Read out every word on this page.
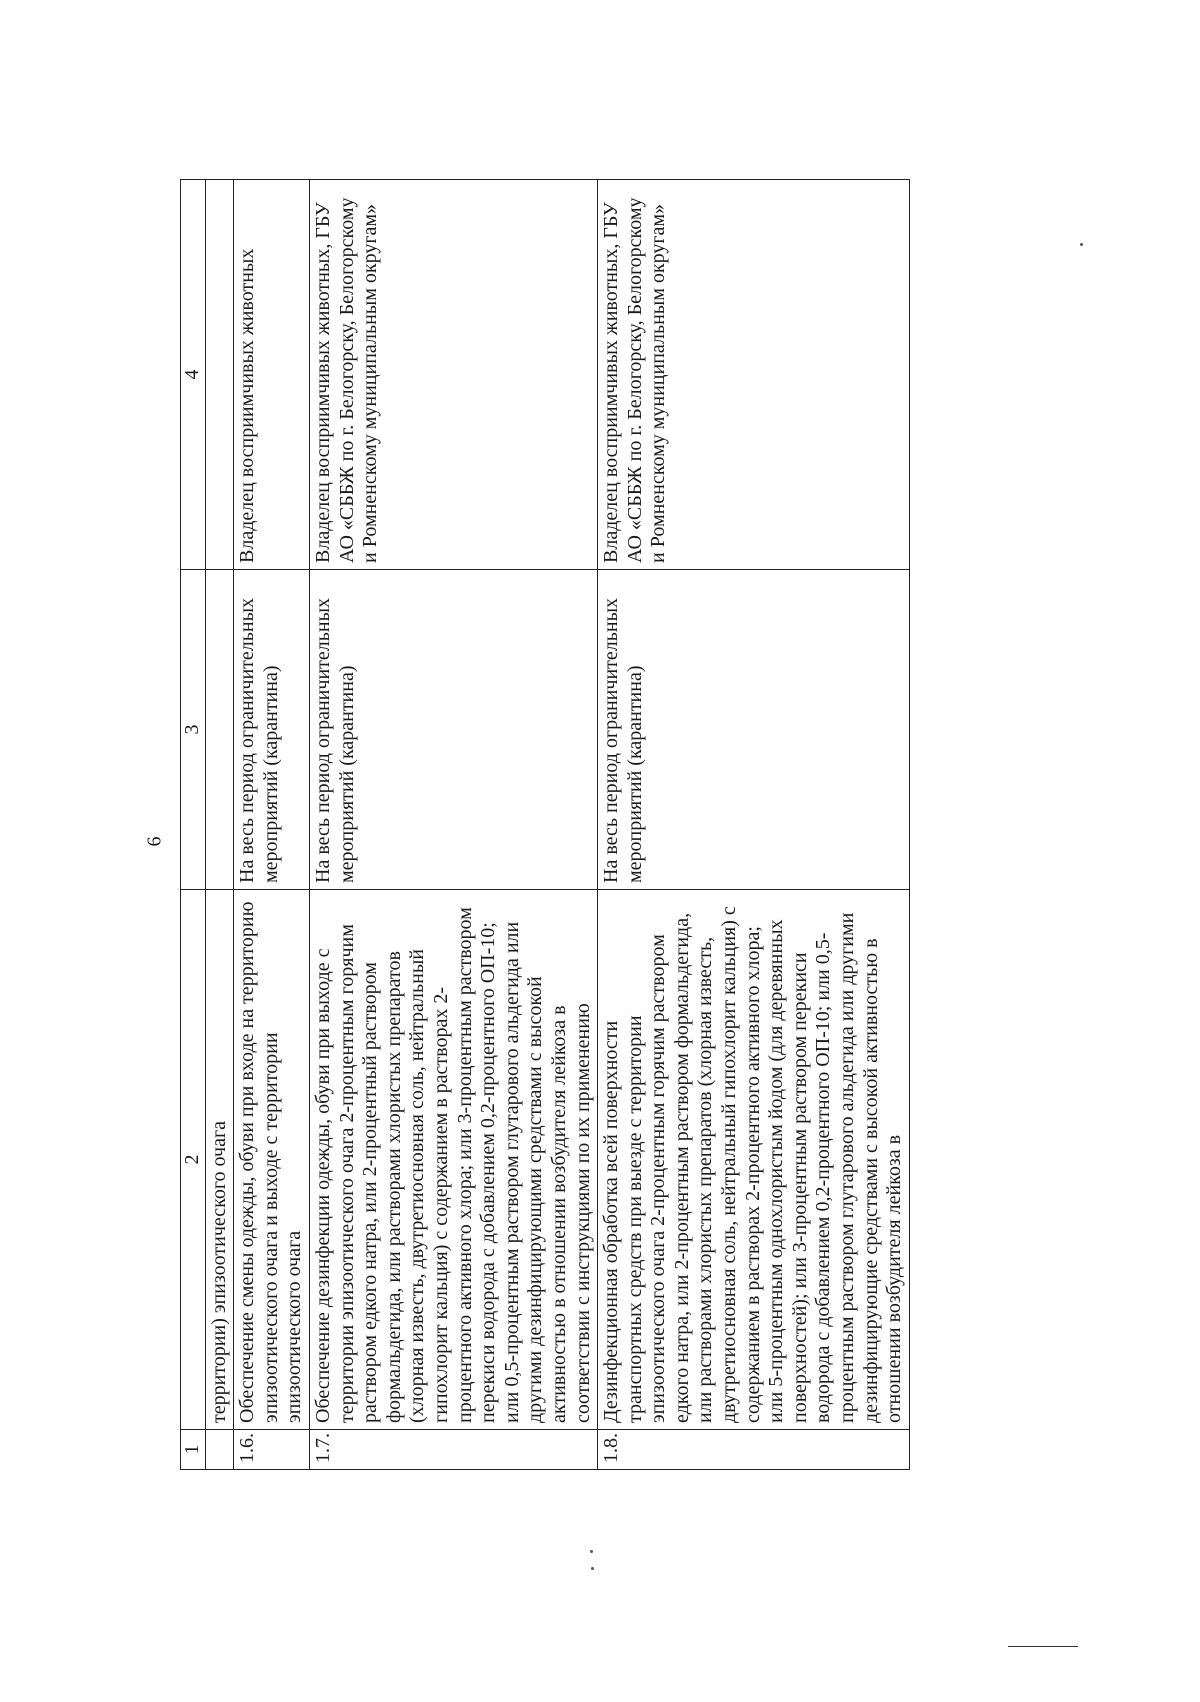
6
1	2	3	4
	территории) эпизоотического очага		
1.6.	Обеспечение смены одежды, обуви при входе на территорию эпизоотического очага и выходе с территории эпизоотического очага	На весь период ограничительных мероприятий (карантина)	Владелец восприимчивых животных
1.7.	Обеспечение дезинфекции одежды, обуви при выходе с территории эпизоотического очага 2-процентным горячим раствором едкого натра, или 2-процентный раствором формальдегида, или растворами хлористых препаратов (хлорная известь, двутретиосновная соль, нейтральный гипохлорит кальция) с содержанием в растворах 2-процентного активного хлора; или 3-процентным раствором перекиси водорода с добавлением 0,2-процентного ОП-10; или 0,5-процентным раствором глутарового альдегида или другими дезинфицирующими средствами с высокой активностью в отношении возбудителя лейкоза в соответствии с инструкциями по их применению	На весь период ограничительных мероприятий (карантина)	Владелец восприимчивых животных, ГБУ АО «СББЖ по г. Белогорску, Белогорскому и Ромненскому муниципальным округам»
1.8.	Дезинфекционная обработка всей поверхности транспортных средств при выезде с территории эпизоотического очага 2-процентным горячим раствором едкого натра, или 2-процентным раствором формальдегида, или растворами хлористых препаратов (хлорная известь, двутретиосновная соль, нейтральный гипохлорит кальция) с содержанием в растворах 2-процентного активного хлора; или 5-процентным однохлористым йодом (для деревянных поверхностей); или 3-процентным раствором перекиси водорода с добавлением 0,2-процентного ОП-10; или 0,5-процентным раствором глутарового альдегида или другими дезинфицирующие средствами с высокой активностью в отношении возбудителя лейкоза в	На весь период ограничительных мероприятий (карантина)	Владелец восприимчивых животных, ГБУ АО «СББЖ по г. Белогорску, Белогорскому и Ромненскому муниципальным округам»
